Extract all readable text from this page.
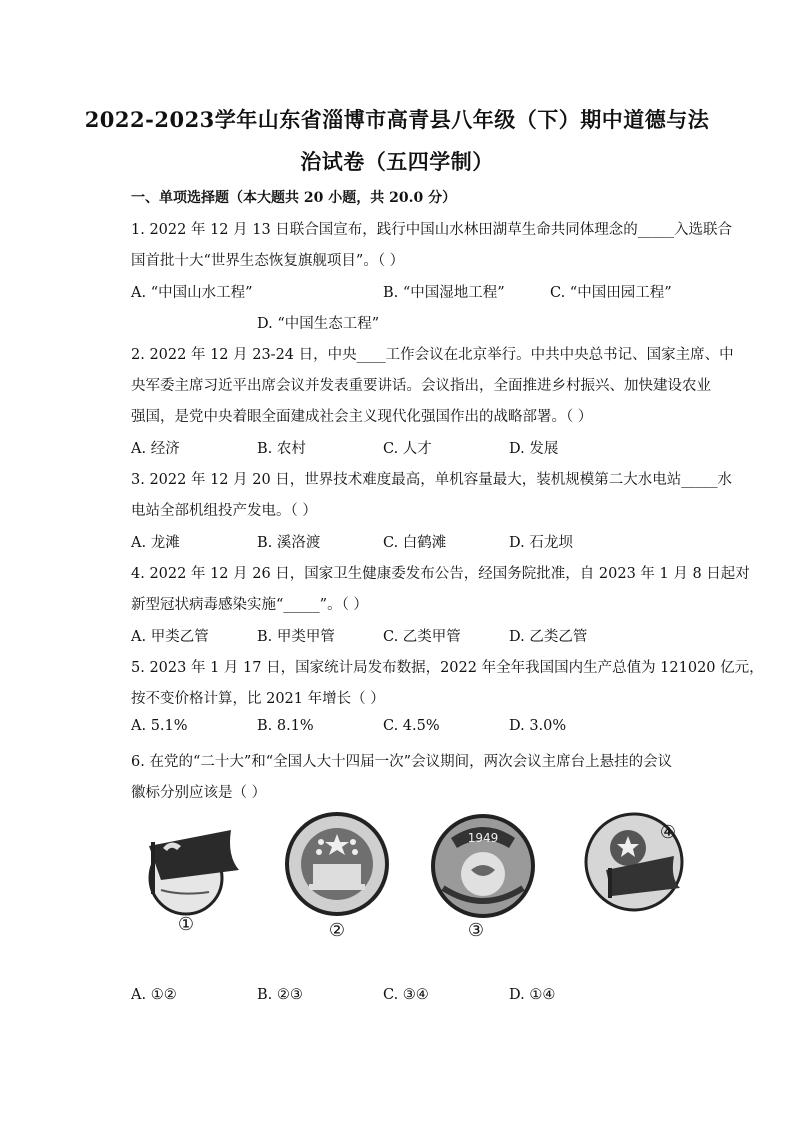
2022-2023学年山东省淄博市高青县八年级（下）期中道德与法
治试卷（五四学制）
一、单项选择题（本大题共 20 小题，共 20.0 分）
1. 2022 年 12 月 13 日联合国宣布，践行中国山水林田湖草生命共同体理念的_____入选联合
国首批十大“世界生态恢复旗舰项目”。（ ）
A. “中国山水工程”	B. “中国湿地工程”	C. “中国田园工程”
D. “中国生态工程”
2. 2022 年 12 月 23-24 日，中央____工作会议在北京举行。中共中央总书记、国家主席、中
央军委主席习近平出席会议并发表重要讲话。会议指出，全面推进乡村振兴、加快建设农业
强国，是党中央着眼全面建成社会主义现代化强国作出的战略部署。（ ）
A. 经济	B. 农村	C. 人才	D. 发展
3. 2022 年 12 月 20 日，世界技术难度最高，单机容量最大，装机规模第二大水电站_____水
电站全部机组投产发电。（ ）
A. 龙滩	B. 溪洛渡	C. 白鹤滩	D. 石龙坝
4. 2022 年 12 月 26 日，国家卫生健康委发布公告，经国务院批准，自 2023 年 1 月 8 日起对
新型冠状病毒感染实施“_____”。（ ）
A. 甲类乙管	B. 甲类甲管	C. 乙类甲管	D. 乙类乙管
5. 2023 年 1 月 17 日，国家统计局发布数据，2022 年全年我国国内生产总值为 121020 亿元，
按不变价格计算，比 2021 年增长（ ）
A. 5.1%	B. 8.1%	C. 4.5%	D. 3.0%
6. 在党的“二十大”和“全国人大十四届一次”会议期间，两次会议主席台上悬挂的会议
徽标分别应该是（ ）
①	②
1949
③
④
A. ①②	B. ②③	C. ③④	D. ①④
